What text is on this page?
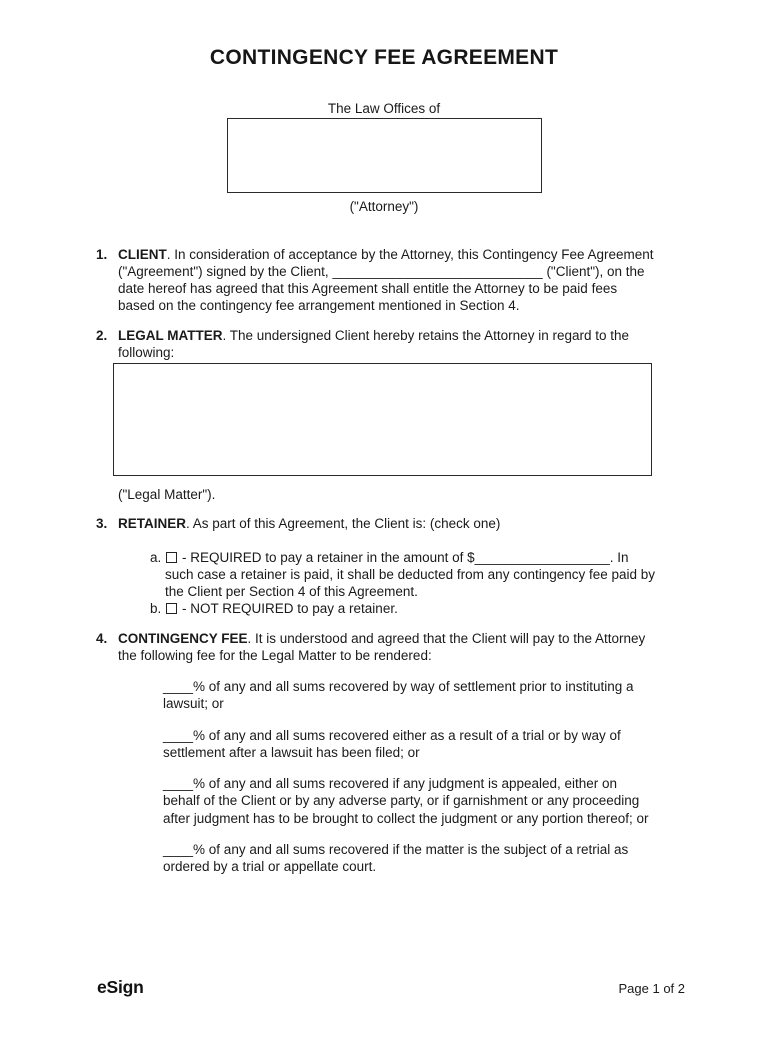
CONTINGENCY FEE AGREEMENT
The Law Offices of
("Attorney")
1. CLIENT. In consideration of acceptance by the Attorney, this Contingency Fee Agreement ("Agreement") signed by the Client, ____________________________ ("Client"), on the date hereof has agreed that this Agreement shall entitle the Attorney to be paid fees based on the contingency fee arrangement mentioned in Section 4.
2. LEGAL MATTER. The undersigned Client hereby retains the Attorney in regard to the following:
("Legal Matter").
3. RETAINER. As part of this Agreement, the Client is: (check one)
a.	- REQUIRED to pay a retainer in the amount of $__________________. In such case a retainer is paid, it shall be deducted from any contingency fee paid by the Client per Section 4 of this Agreement.
b.	- NOT REQUIRED to pay a retainer.
4. CONTINGENCY FEE. It is understood and agreed that the Client will pay to the Attorney the following fee for the Legal Matter to be rendered:
____% of any and all sums recovered by way of settlement prior to instituting a lawsuit; or
____% of any and all sums recovered either as a result of a trial or by way of settlement after a lawsuit has been filed; or
____% of any and all sums recovered if any judgment is appealed, either on behalf of the Client or by any adverse party, or if garnishment or any proceeding after judgment has to be brought to collect the judgment or any portion thereof; or
____% of any and all sums recovered if the matter is the subject of a retrial as ordered by a trial or appellate court.
eSign	Page 1 of 2
